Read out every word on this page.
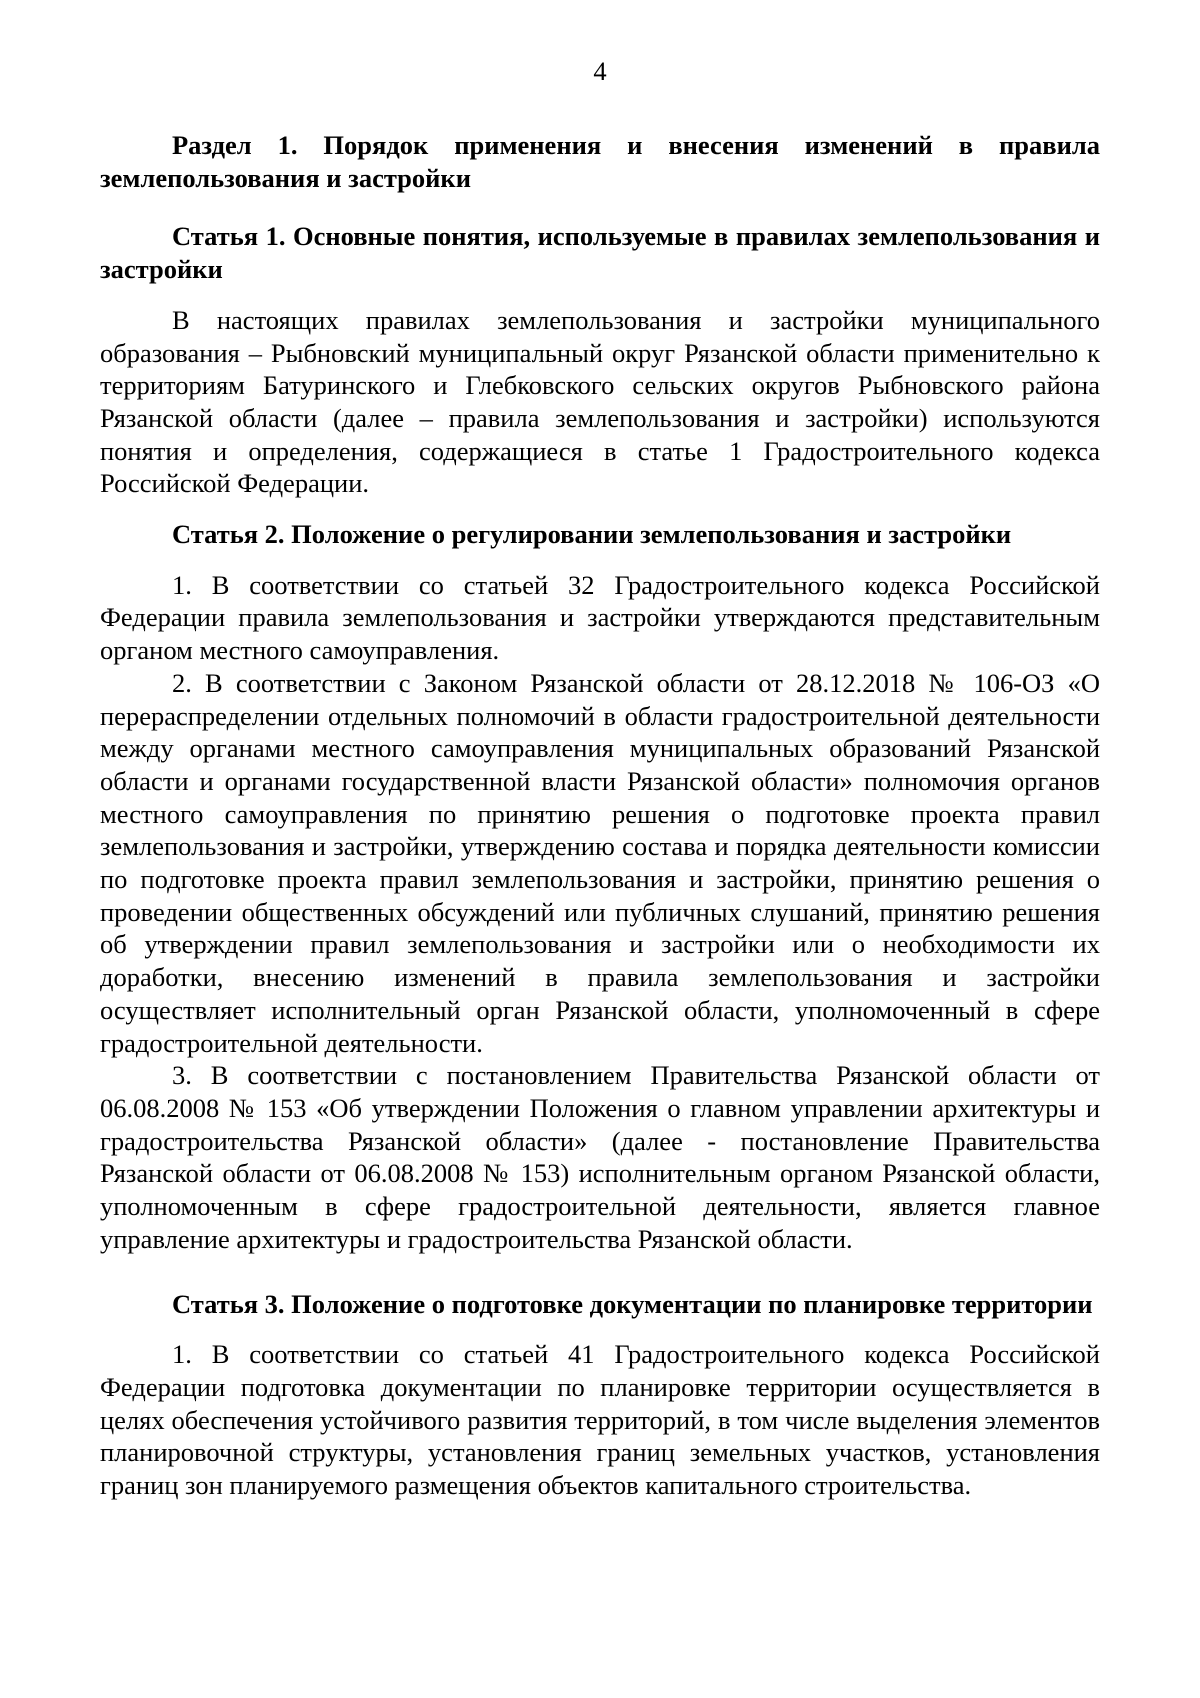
4

Раздел 1. Порядок применения и внесения изменений в правила землепользования и застройки

Статья 1. Основные понятия, используемые в правилах землепользования и застройки

В настоящих правилах землепользования и застройки муниципального образования – Рыбновский муниципальный округ Рязанской области применительно к территориям Батуринского и Глебковского сельских округов Рыбновского района Рязанской области (далее – правила землепользования и застройки) используются понятия и определения, содержащиеся в статье 1 Градостроительного кодекса Российской Федерации.

Статья 2. Положение о регулировании землепользования и застройки

1. В соответствии со статьей 32 Градостроительного кодекса Российской Федерации правила землепользования и застройки утверждаются представительным органом местного самоуправления.

2. В соответствии с Законом Рязанской области от 28.12.2018 № 106-ОЗ «О перераспределении отдельных полномочий в области градостроительной деятельности между органами местного самоуправления муниципальных образований Рязанской области и органами государственной власти Рязанской области» полномочия органов местного самоуправления по принятию решения о подготовке проекта правил землепользования и застройки, утверждению состава и порядка деятельности комиссии по подготовке проекта правил землепользования и застройки, принятию решения о проведении общественных обсуждений или публичных слушаний, принятию решения об утверждении правил землепользования и застройки или о необходимости их доработки, внесению изменений в правила землепользования и застройки осуществляет исполнительный орган Рязанской области, уполномоченный в сфере градостроительной деятельности.

3. В соответствии с постановлением Правительства Рязанской области от 06.08.2008 № 153 «Об утверждении Положения о главном управлении архитектуры и градостроительства Рязанской области» (далее - постановление Правительства Рязанской области от 06.08.2008 № 153) исполнительным органом Рязанской области, уполномоченным в сфере градостроительной деятельности, является главное управление архитектуры и градостроительства Рязанской области.

Статья 3. Положение о подготовке документации по планировке территории

1. В соответствии со статьей 41 Градостроительного кодекса Российской Федерации подготовка документации по планировке территории осуществляется в целях обеспечения устойчивого развития территорий, в том числе выделения элементов планировочной структуры, установления границ земельных участков, установления границ зон планируемого размещения объектов капитального строительства.
